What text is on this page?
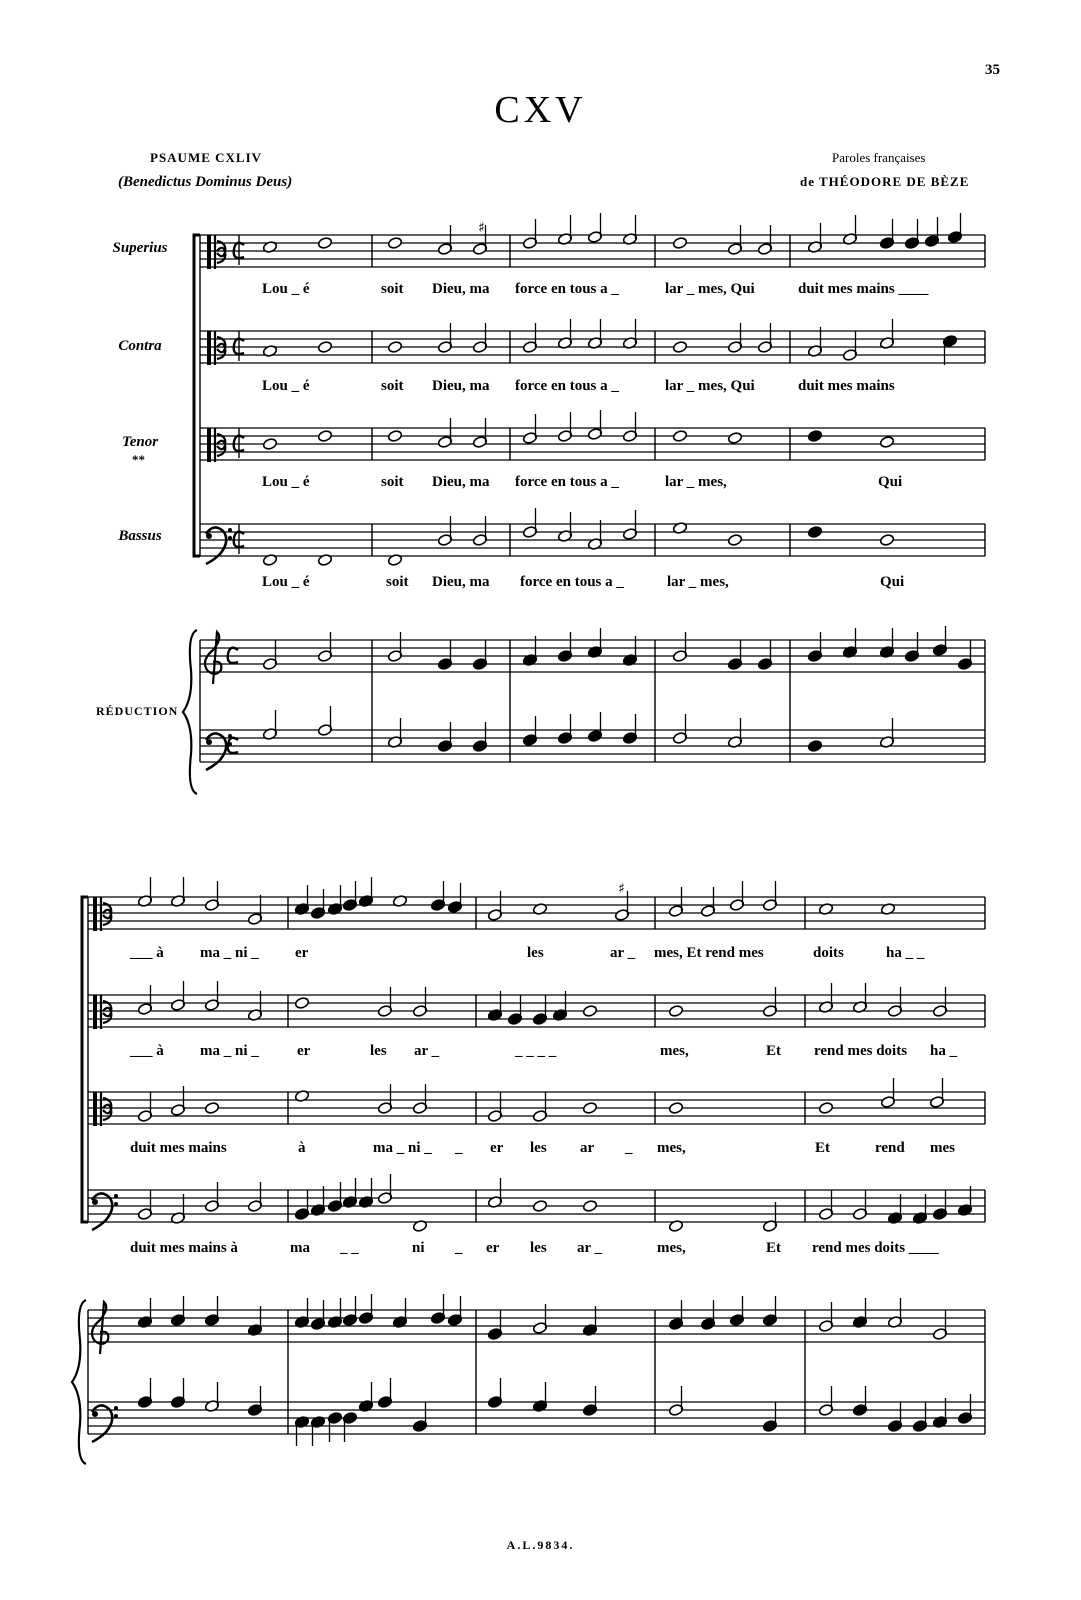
35
CXV
PSAUME CXLIV
(Benedictus Dominus Deus)
Paroles françaises
de THÉODORE DE BÈZE
Superius
Contra
Tenor
**
Bassus
RÉDUCTION
Lou _ é	soit Dieu, ma force en tous a _	lar _ mes, Qui	duit mes mains ____
Lou _ é	soit Dieu, ma force en tous a _	lar _ mes, Qui	duit mes mains
Lou _ é	soit Dieu, ma force en tous a _	lar _ mes,	Qui
Lou _ é	soit Dieu, ma force en tous a _	lar _ mes,	Qui
___ à ma _ ni _ er	les	ar _ mes, Et rend mes	doits	ha _ _
___ à ma _ ni _	er	les ar _	_ _ _ _	mes,	Et rend mes doits ha _
duit mes mains	à	ma _ ni _ _ er les ar _ mes,	Et	rend mes
duit mes mains à	ma _ _	ni _ er les ar _	mes,	Et rend mes doits ____
A.L.9834.
♯
♯
